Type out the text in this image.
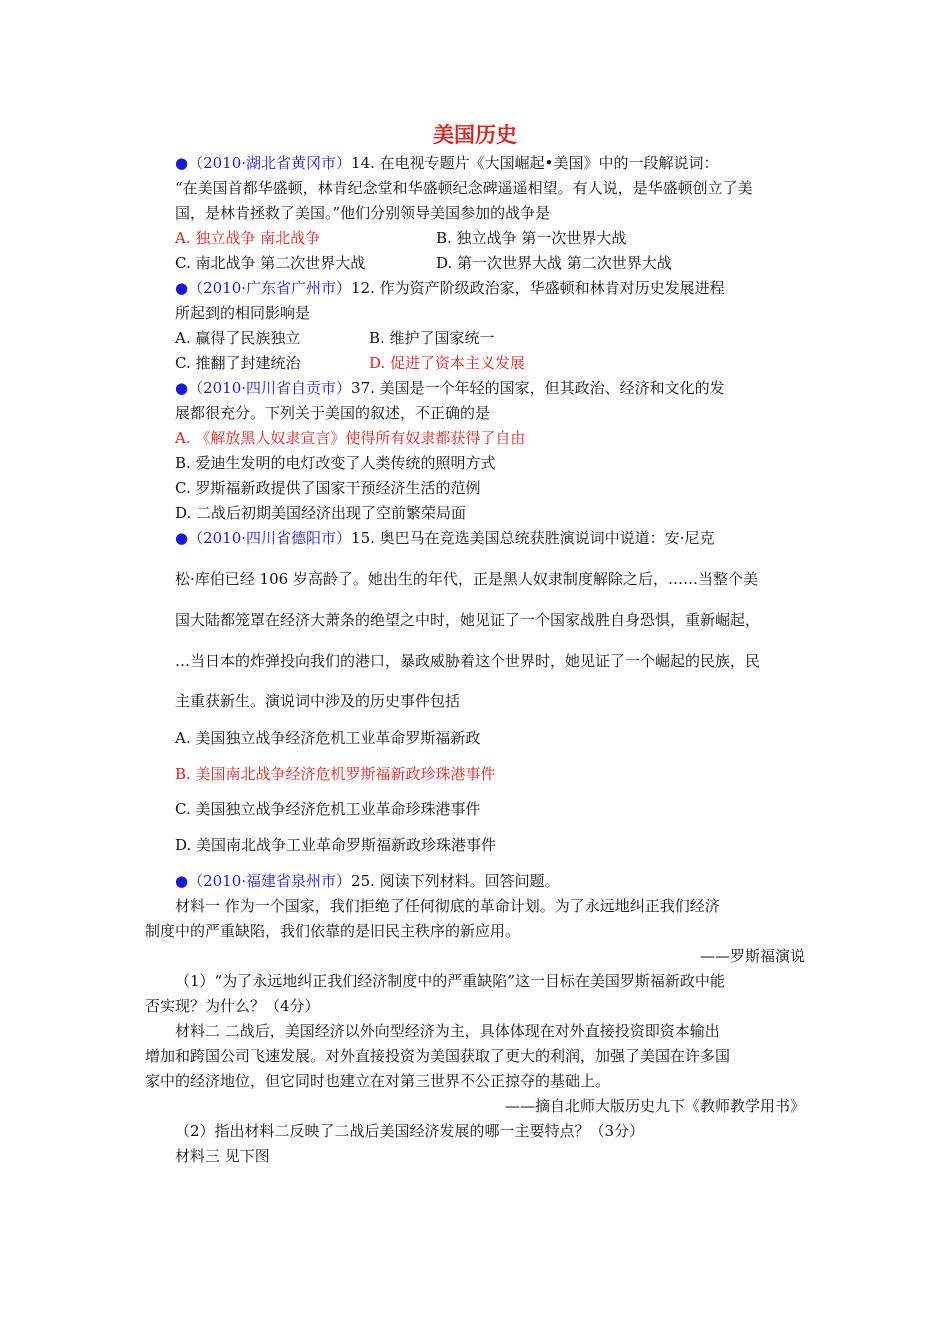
美国历史
●（2010·湖北省黄冈市）14. 在电视专题片《大国崛起•美国》中的一段解说词：
“在美国首都华盛顿，林肯纪念堂和华盛顿纪念碑遥遥相望。有人说，是华盛顿创立了美
国，是林肯拯救了美国。”他们分别领导美国参加的战争是
A. 独立战争 南北战争	B. 独立战争 第一次世界大战
C. 南北战争 第二次世界大战	D. 第一次世界大战 第二次世界大战
●（2010·广东省广州市）12. 作为资产阶级政治家，华盛顿和林肯对历史发展进程
所起到的相同影响是
A. 赢得了民族独立	B. 维护了国家统一
C. 推翻了封建统治	D. 促进了资本主义发展
●（2010·四川省自贡市）37. 美国是一个年轻的国家，但其政治、经济和文化的发
展都很充分。下列关于美国的叙述，不正确的是
A. 《解放黑人奴隶宣言》使得所有奴隶都获得了自由
B. 爱迪生发明的电灯改变了人类传统的照明方式
C. 罗斯福新政提供了国家干预经济生活的范例
D. 二战后初期美国经济出现了空前繁荣局面
●（2010·四川省德阳市）15. 奥巴马在竞选美国总统获胜演说词中说道：安·尼克
松·库伯已经 106 岁高龄了。她出生的年代，正是黑人奴隶制度解除之后，……当整个美
国大陆都笼罩在经济大萧条的绝望之中时，她见证了一个国家战胜自身恐惧，重新崛起，
…当日本的炸弹投向我们的港口，暴政威胁着这个世界时，她见证了一个崛起的民族，民
主重获新生。演说词中涉及的历史事件包括
A. 美国独立战争经济危机工业革命罗斯福新政
B. 美国南北战争经济危机罗斯福新政珍珠港事件
C. 美国独立战争经济危机工业革命珍珠港事件
D. 美国南北战争工业革命罗斯福新政珍珠港事件
●（2010·福建省泉州市）25. 阅读下列材料。回答问题。
材料一 作为一个国家，我们拒绝了任何彻底的革命计划。为了永远地纠正我们经济
制度中的严重缺陷，我们依靠的是旧民主秩序的新应用。
——罗斯福演说
（1）“为了永远地纠正我们经济制度中的严重缺陷”这一目标在美国罗斯福新政中能
否实现？为什么？（4分）
材料二 二战后，美国经济以外向型经济为主，具体体现在对外直接投资即资本输出
增加和跨国公司飞速发展。对外直接投资为美国获取了更大的利润，加强了美国在许多国
家中的经济地位，但它同时也建立在对第三世界不公正掠夺的基础上。
——摘自北师大版历史九下《教师教学用书》
（2）指出材料二反映了二战后美国经济发展的哪一主要特点？（3分）
材料三 见下图
